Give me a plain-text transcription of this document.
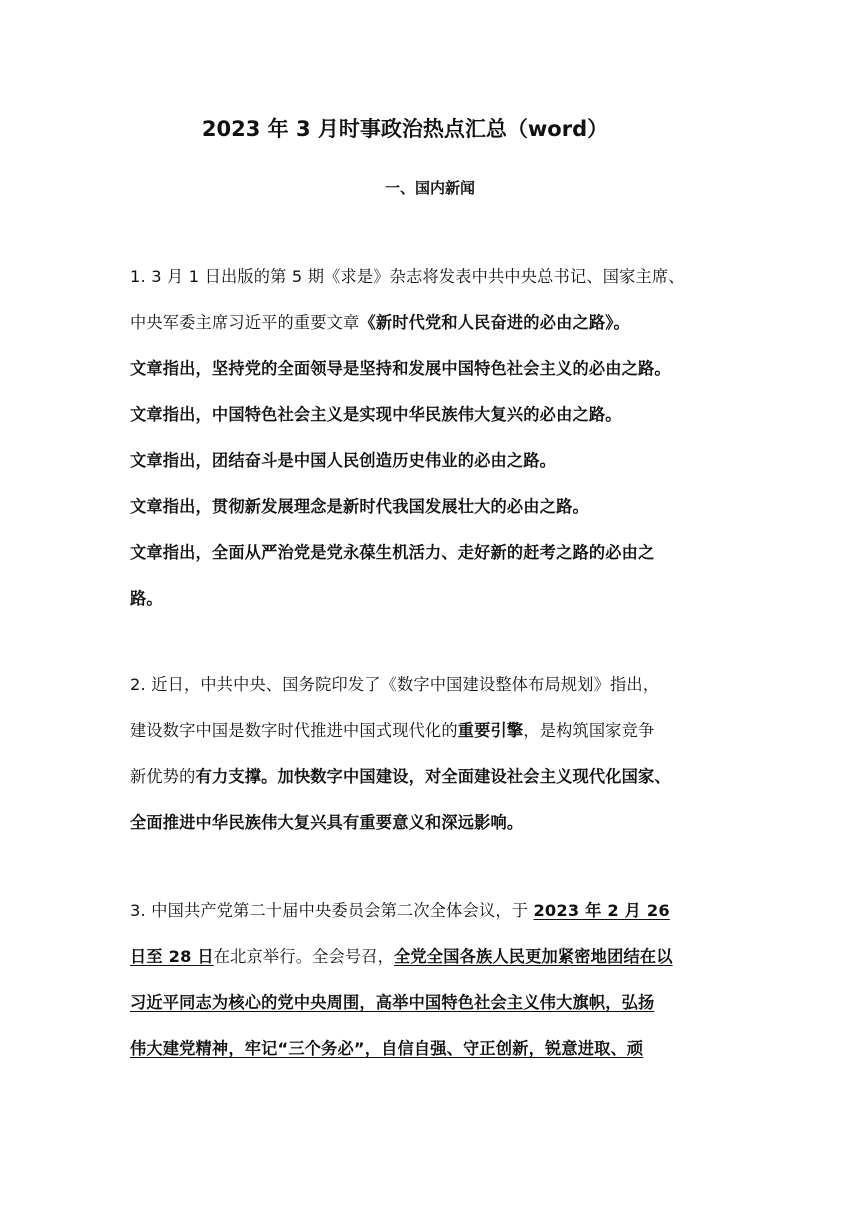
2023 年 3 月时事政治热点汇总（word）
一、国内新闻

1. 3 月 1 日出版的第 5 期《求是》杂志将发表中共中央总书记、国家主席、

中央军委主席习近平的重要文章《新时代党和人民奋进的必由之路》。

文章指出，坚持党的全面领导是坚持和发展中国特色社会主义的必由之路。

文章指出，中国特色社会主义是实现中华民族伟大复兴的必由之路。

文章指出，团结奋斗是中国人民创造历史伟业的必由之路。

文章指出，贯彻新发展理念是新时代我国发展壮大的必由之路。

文章指出，全面从严治党是党永葆生机活力、走好新的赶考之路的必由之

路。

2. 近日，中共中央、国务院印发了《数字中国建设整体布局规划》指出，

建设数字中国是数字时代推进中国式现代化的重要引擎，是构筑国家竞争

新优势的有力支撑。加快数字中国建设，对全面建设社会主义现代化国家、

全面推进中华民族伟大复兴具有重要意义和深远影响。

3. 中国共产党第二十届中央委员会第二次全体会议，于 2023 年 2 月 26

日至 28 日在北京举行。全会号召，全党全国各族人民更加紧密地团结在以

习近平同志为核心的党中央周围，高举中国特色社会主义伟大旗帜，弘扬

伟大建党精神，牢记“三个务必”，自信自强、守正创新，锐意进取、顽
